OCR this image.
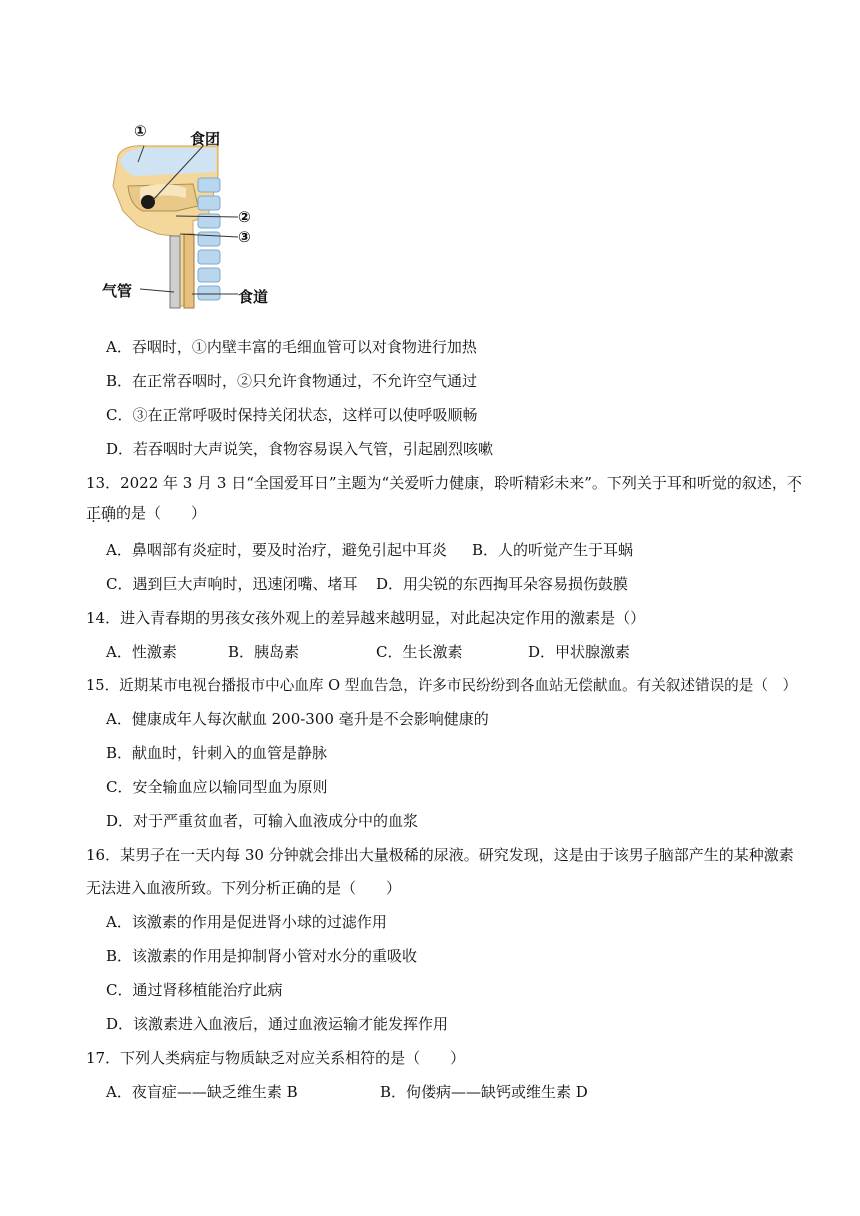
①	食团
②
③
气管	食道
A．吞咽时，①内壁丰富的毛细血管可以对食物进行加热
B．在正常吞咽时，②只允许食物通过，不允许空气通过
C．③在正常呼吸时保持关闭状态，这样可以使呼吸顺畅
D．若吞咽时大声说笑，食物容易误入气管，引起剧烈咳嗽
13．2022 年 3 月 3 日“全国爱耳日”主题为“关爱听力健康，聆听精彩未来”。下列关于耳和听觉的叙述，不
正确的是（　　）
A．鼻咽部有炎症时，要及时治疗，避免引起中耳炎 B．人的听觉产生于耳蜗
C．遇到巨大声响时，迅速闭嘴、堵耳 D．用尖锐的东西掏耳朵容易损伤鼓膜
14．进入青春期的男孩女孩外观上的差异越来越明显，对此起决定作用的激素是（）
A．性激素	B．胰岛素	C．生长激素	D．甲状腺激素
15．近期某市电视台播报市中心血库 O 型血告急，许多市民纷纷到各血站无偿献血。有关叙述错误的是（　）
A．健康成年人每次献血 200-300 毫升是不会影响健康的
B．献血时，针刺入的血管是静脉
C．安全输血应以输同型血为原则
D．对于严重贫血者，可输入血液成分中的血浆
16．某男子在一天内每 30 分钟就会排出大量极稀的尿液。研究发现，这是由于该男子脑部产生的某种激素
无法进入血液所致。下列分析正确的是（　　）
A．该激素的作用是促进肾小球的过滤作用
B．该激素的作用是抑制肾小管对水分的重吸收
C．通过肾移植能治疗此病
D．该激素进入血液后，通过血液运输才能发挥作用
17．下列人类病症与物质缺乏对应关系相符的是（　　）
A．夜盲症——缺乏维生素 B	B．佝偻病——缺钙或维生素 D
